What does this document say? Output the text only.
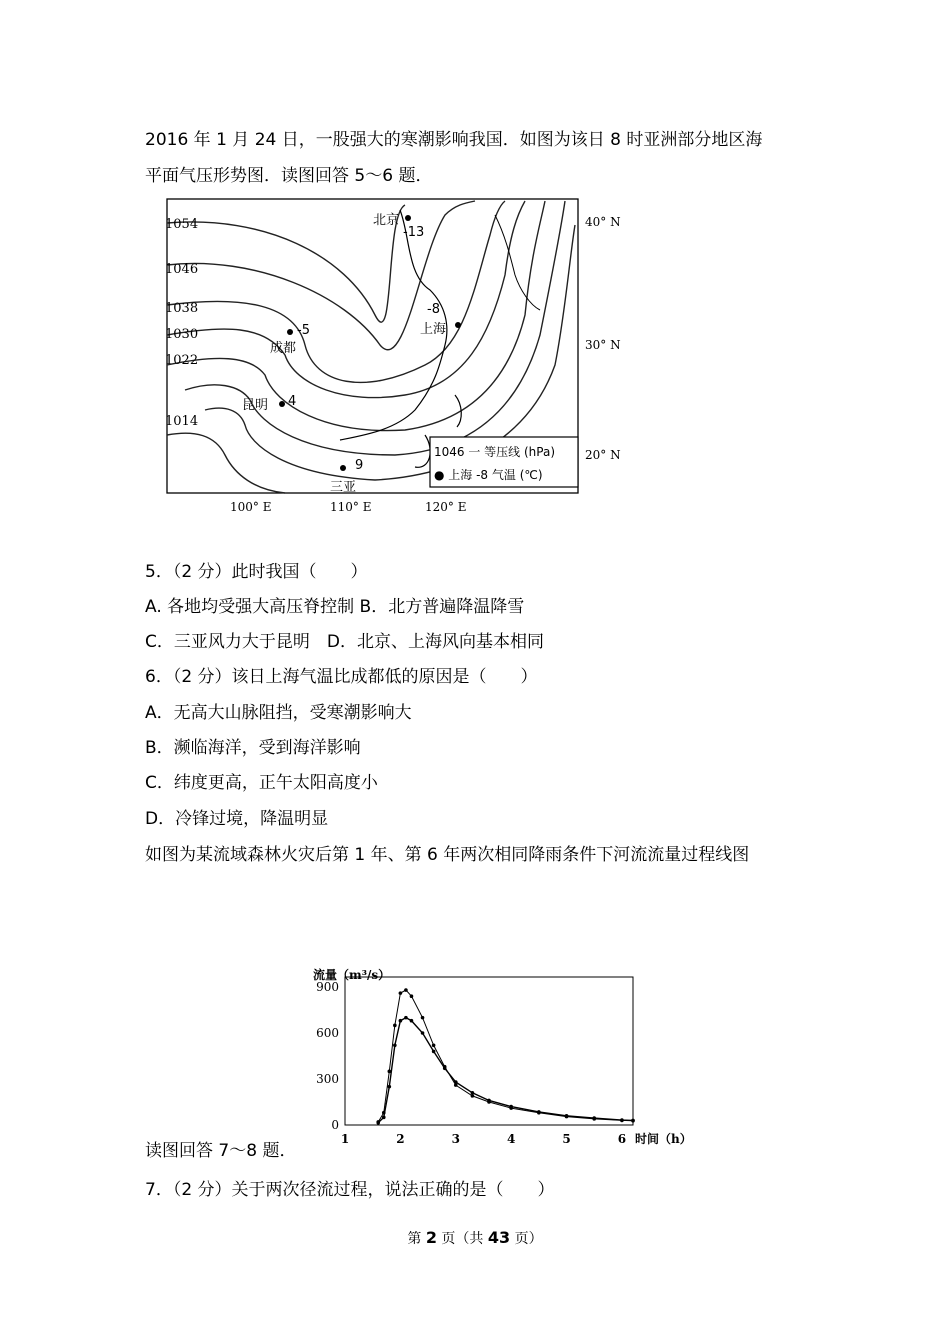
2016 年 1 月 24 日，一股强大的寒潮影响我国．如图为该日 8 时亚洲部分地区海
平面气压形势图．读图回答 5～6 题．
1054
1046
1038
1030
1022
1014
40° N
30° N
20° N
100° E	110° E	120° E
北京
-13
-8
上海
-5
成都
昆明 4
9
三亚
1046 一 等压线 (hPa)
● 上海 -8 气温 (℃)
5．（2 分）此时我国（　　）
A. 各地均受强大高压脊控制 B．北方普遍降温降雪
C．三亚风力大于昆明　D．北京、上海风向基本相同
6．（2 分）该日上海气温比成都低的原因是（　　）
A．无高大山脉阻挡，受寒潮影响大
B．濒临海洋，受到海洋影响
C．纬度更高，正午太阳高度小
D．冷锋过境，降温明显
如图为某流域森林火灾后第 1 年、第 6 年两次相同降雨条件下河流流量过程线图
流量（m³/s）
900
600
300
0
1	2	3	4	5	6 时间（h）
读图回答 7～8 题．
7．（2 分）关于两次径流过程，说法正确的是（　　）
第 2 页（共 43 页）
